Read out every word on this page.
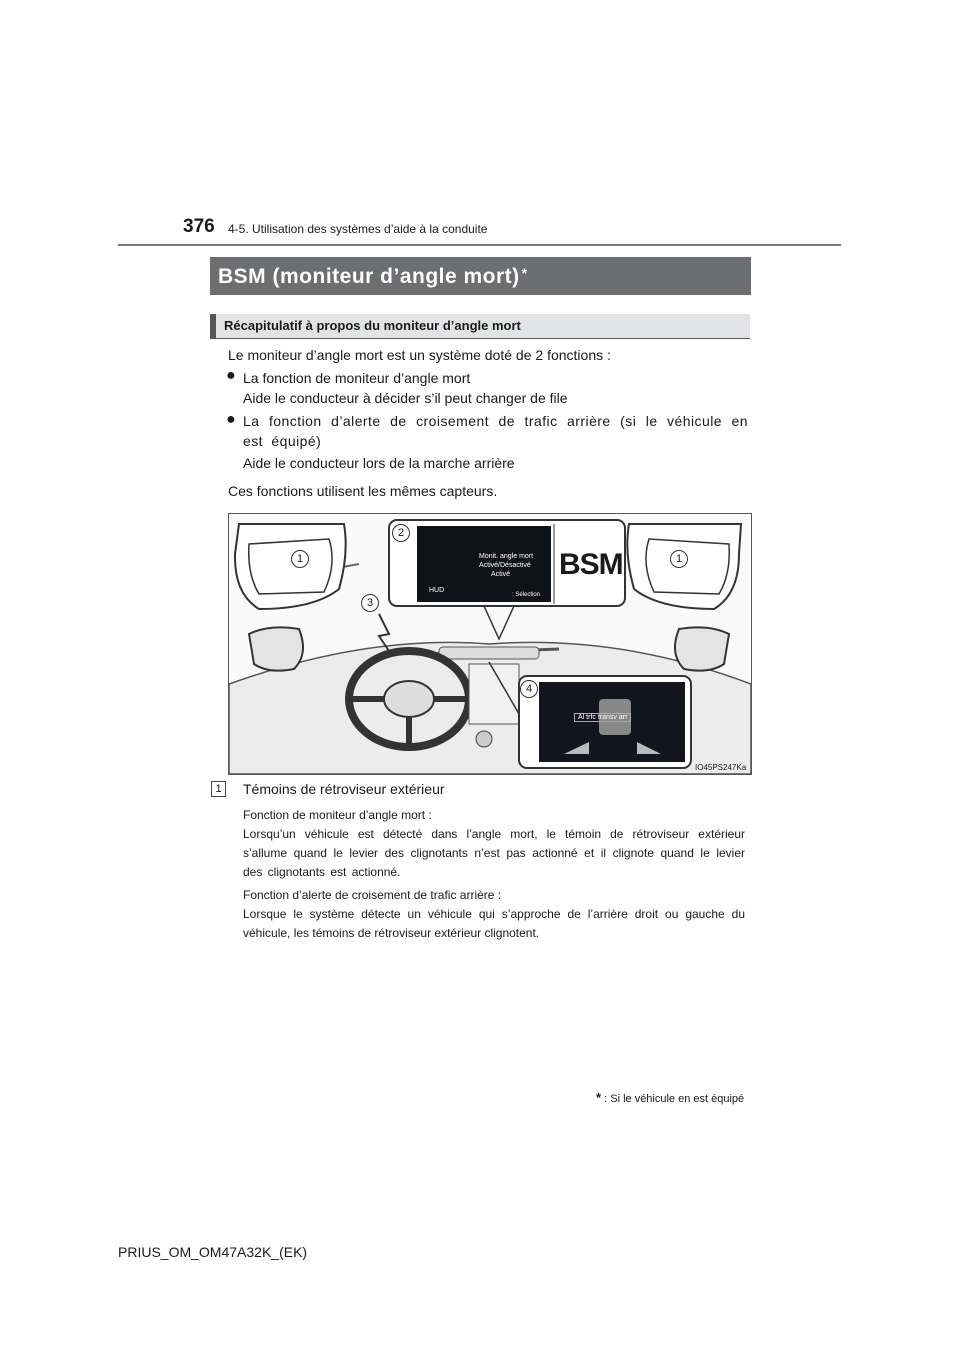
376 4-5. Utilisation des systèmes d’aide à la conduite
BSM (moniteur d’angle mort) *
Récapitulatif à propos du moniteur d’angle mort
Le moniteur d’angle mort est un système doté de 2 fonctions :
● La fonction de moniteur d’angle mort
Aide le conducteur à décider s’il peut changer de file
● La fonction d’alerte de croisement de trafic arrière (si le véhicule en est équipé)
Aide le conducteur lors de la marche arrière
Ces fonctions utilisent les mêmes capteurs.
Monit. angle mort Activé/Désactivé
Activé
HUD
: Sélection
BSM
Al trfc transv arr
1
2
3
4
1
IO45PS247Ka
1	Témoins de rétroviseur extérieur
Fonction de moniteur d’angle mort :
Lorsqu’un véhicule est détecté dans l’angle mort, le témoin de rétroviseur extérieur s’allume quand le levier des clignotants n’est pas actionné et il clignote quand le levier des clignotants est actionné.
Fonction d’alerte de croisement de trafic arrière :
Lorsque le système détecte un véhicule qui s’approche de l’arrière droit ou gauche du véhicule, les témoins de rétroviseur extérieur clignotent.
* : Si le véhicule en est équipé
PRIUS_OM_OM47A32K_(EK)
